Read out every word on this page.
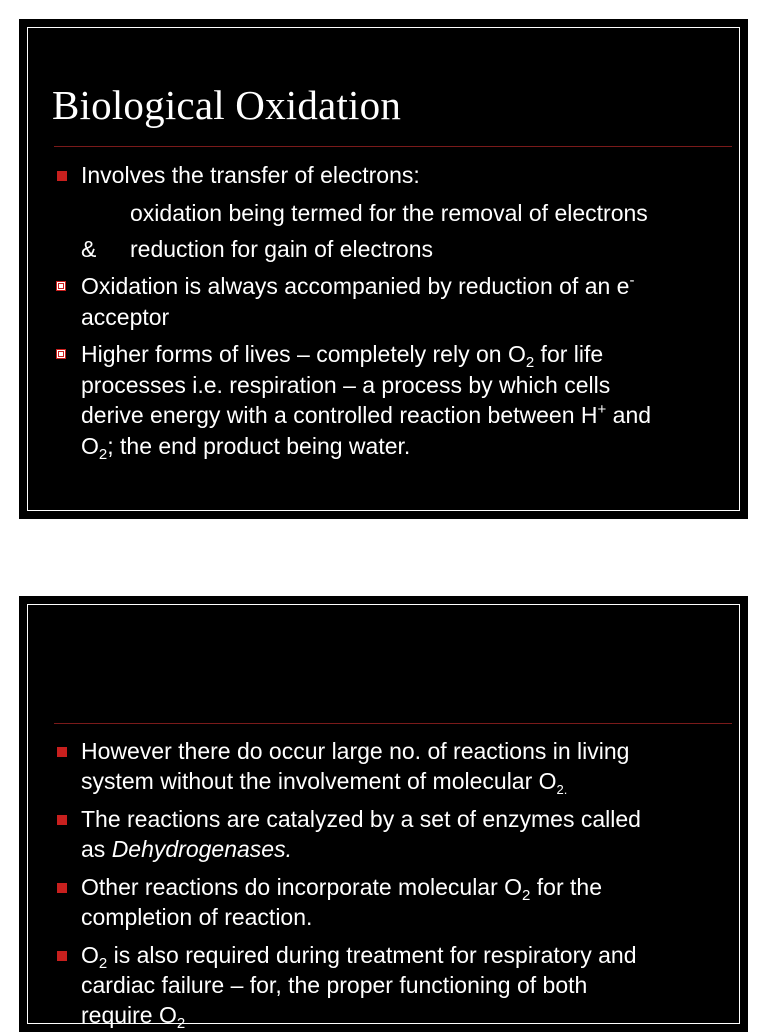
Biological Oxidation
Involves the transfer of electrons:
oxidation being termed for the removal of electrons
& reduction for gain of electrons
Oxidation is always accompanied by reduction of an e-
acceptor
Higher forms of lives – completely rely on $O_2$ for life
processes i.e. respiration – a process by which cells
derive energy with a controlled reaction between H+ and
$O_2$; the end product being water.
However there do occur large no. of reactions in living
system without the involvement of molecular $O_{2.}$
The reactions are catalyzed by a set of enzymes called
as Dehydrogenases.
Other reactions do incorporate molecular $O_2$ for the
completion of reaction.
$O_2$ is also required during treatment for respiratory and
cardiac failure – for, the proper functioning of both
require $O_2$
